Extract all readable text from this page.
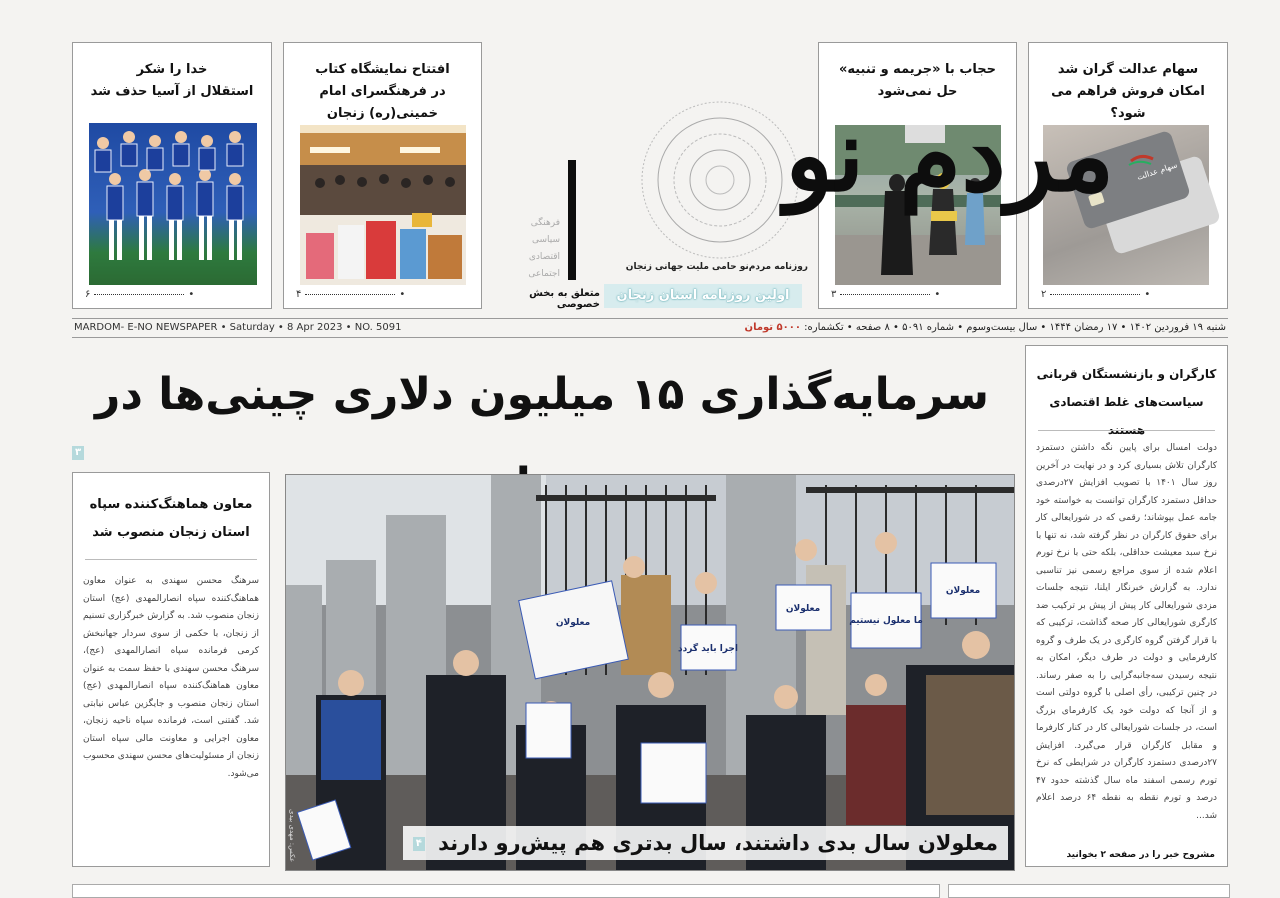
سهام عدالت گران شد
امکان فروش فراهم می شود؟
سهام عدالت
۲	•
حجاب با «جریمه و تنبیه»
حل نمی‌شود
۳	•
افتتاح نمایشگاه کتاب
در فرهنگسرای امام خمینی(ره) زنجان
۴	•
خدا را شکر
استقلال از آسیا حذف شد
۶	•
مردم نو
فرهنگی
سیاسی
اقتصادی
اجتماعی
روزنامه مردم‌نو حامی ملیت جهانی زنجان
اولین روزنامه استان زنجان
متعلق به بخش خصوصی
MARDOM- E-NO NEWSPAPER • Saturday • 8 Apr 2023 • NO. 5091	شنبه ۱۹ فروردین ۱۴۰۲ • ۱۷ رمضان ۱۴۴۴ • سال بیست‌وسوم • شماره ۵۰۹۱ • ۸ صفحه • تکشماره: ۵۰۰۰ تومان
سرمایه‌گذاری ۱۵ میلیون دلاری چینی‌ها در
۳
کارگران و بازنشستگان قربانی
سیاست‌های غلط اقتصادی هستند
دولت امسال برای پایین نگه داشتن دستمزد کارگران تلاش بسیاری کرد و در نهایت در آخرین روز سال ۱۴۰۱ با تصویب افزایش ۲۷درصدی حداقل دستمزد کارگران توانست به خواسته خود جامه عمل بپوشاند؛ رقمی که در شورایعالی کار برای حقوق کارگران در نظر گرفته شد، نه تنها با نرخ سبد معیشت حداقلی، بلکه حتی با نرخ تورم اعلام شده از سوی مراجع رسمی نیز تناسبی ندارد. به گزارش خبرنگار ایلنا، نتیجه جلسات مزدی شورایعالی کار پیش از پیش بر ترکیب ضد کارگری شورایعالی کار صحه گذاشت، ترکیبی که با قرار گرفتن گروه کارگری در یک طرف و گروه کارفرمایی و دولت در طرف دیگر، امکان به نتیجه رسیدن سه‌جانبه‌گرایی را به صفر رساند. در چنین ترکیبی، رأی اصلی با گروه دولتی است و از آنجا که دولت خود یک کارفرمای بزرگ است، در جلسات شورایعالی کار در کنار کارفرما و مقابل کارگران قرار می‌گیرد. افزایش ۲۷درصدی دستمزد کارگران در شرایطی که نرخ تورم رسمی اسفند ماه سال گذشته حدود ۴۷ درصد و تورم نقطه به نقطه ۶۴ درصد اعلام شد...
مشروح خبر را در صفحه ۲ بخوانید
معاون هماهنگ‌کننده سپاه
استان زنجان منصوب شد
سرهنگ محسن سهندی به عنوان معاون هماهنگ‌کننده سپاه انصارالمهدی (عج) استان زنجان منصوب شد. به گزارش خبرگزاری تسنیم از زنجان، با حکمی از سوی سردار جهانبخش کرمی فرمانده سپاه انصارالمهدی (عج)، سرهنگ محسن سهندی با حفظ سمت به عنوان معاون هماهنگ‌کننده سپاه انصارالمهدی (عج) استان زنجان منصوب و جایگزین عباس نیابتی شد. گفتنی است، فرمانده سپاه ناحیه زنجان، معاون اجرایی و معاونت مالی سپاه استان زنجان از مسئولیت‌های محسن سهندی محسوب می‌شود.
معلولان
اجرا باید گردد
معلولان
ما معلول نیستیم
معلولان
عکس: مهدی بیدی	معلولان سال بدی داشتند، سال بدتری هم پیش‌رو دارند ۴
